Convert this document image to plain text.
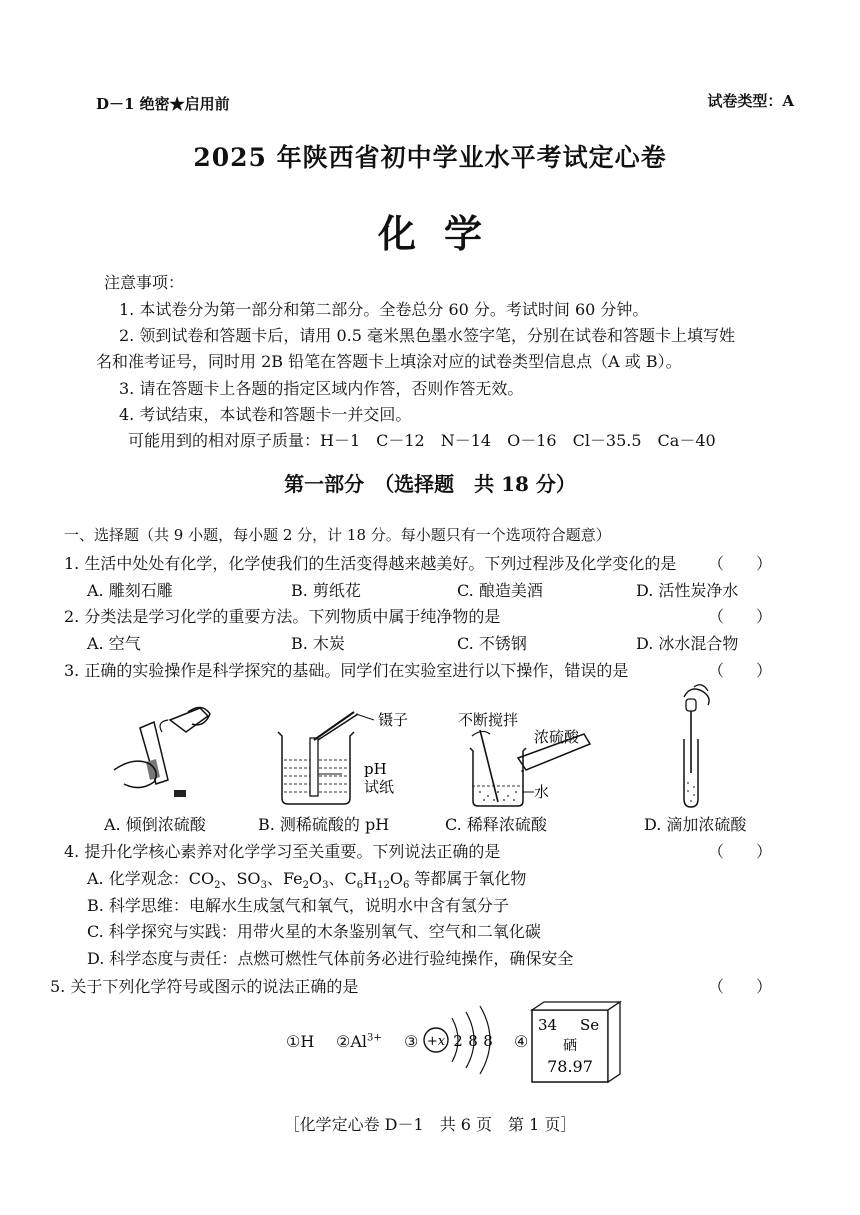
D－1 绝密★启用前	试卷类型：A
2025 年陕西省初中学业水平考试定心卷
化学
注意事项：
1. 本试卷分为第一部分和第二部分。全卷总分 60 分。考试时间 60 分钟。
2. 领到试卷和答题卡后，请用 0.5 毫米黑色墨水签字笔，分别在试卷和答题卡上填写姓
名和准考证号，同时用 2B 铅笔在答题卡上填涂对应的试卷类型信息点（A 或 B）。
3. 请在答题卡上各题的指定区域内作答，否则作答无效。
4. 考试结束，本试卷和答题卡一并交回。
可能用到的相对原子质量：H－1　C－12　N－14　O－16　Cl－35.5　Ca－40
第一部分　（选择题　共 18 分）
一、选择题（共 9 小题，每小题 2 分，计 18 分。每小题只有一个选项符合题意）
1. 生活中处处有化学，化学使我们的生活变得越来越美好。下列过程涉及化学变化的是 （　　）
A. 雕刻石雕	B. 剪纸花	C. 酿造美酒	D. 活性炭净水
2. 分类法是学习化学的重要方法。下列物质中属于纯净物的是	（　　）
A. 空气	B. 木炭	C. 不锈钢	D. 冰水混合物
3. 正确的实验操作是科学探究的基础。同学们在实验室进行以下操作，错误的是	（　　）
A. 倾倒浓硫酸
镊子
pH
试纸
B. 测稀硫酸的 pH
不断搅拌
浓硫酸
水
C. 稀释浓硫酸	D. 滴加浓硫酸
4. 提升化学核心素养对化学学习至关重要。下列说法正确的是	（　　）
A. 化学观念：$CO_2$、$SO_3$、$Fe_2O_3$、$C_6H_{12}O_6$ 等都属于氧化物
B. 科学思维：电解水生成氢气和氧气，说明水中含有氢分子
C. 科学探究与实践：用带火星的木条鉴别氧气、空气和二氧化碳
D. 科学态度与责任：点燃可燃性气体前务必进行验纯操作，确保安全
5. 关于下列化学符号或图示的说法正确的是	（　　）
①H $②Al^{3+}$ ③ +x 2 8 8 ④
34 Se
硒
78.97
［化学定心卷 D－1　共 6 页　第 1 页］
